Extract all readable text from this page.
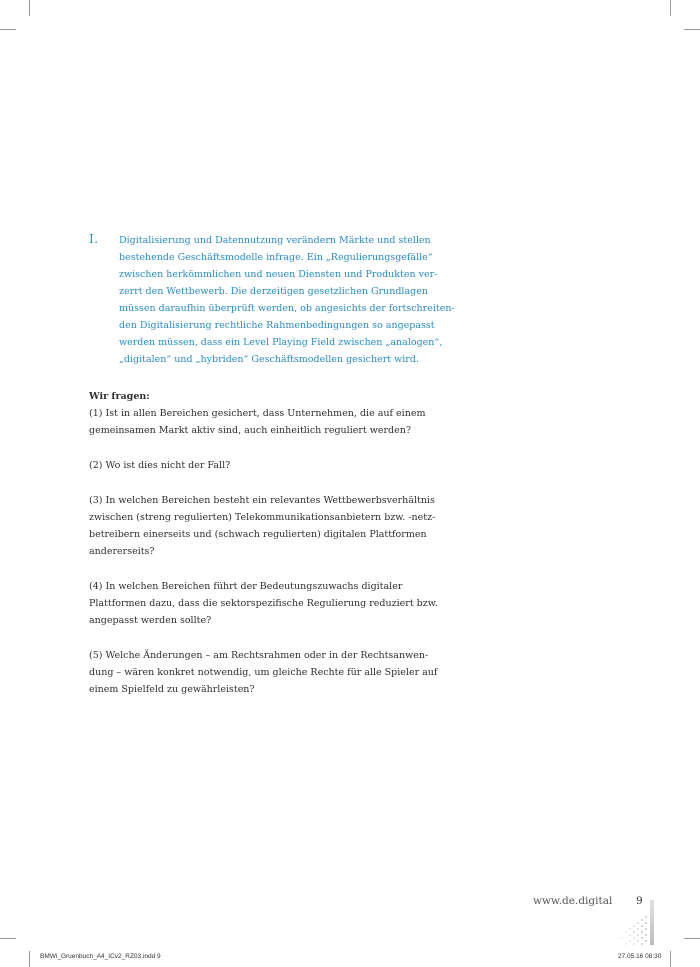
I. Digitalisierung und Datennutzung verändern Märkte und stellen

bestehende Geschäftsmodelle infrage. Ein „Regulierungsgefälle“

zwischen herkömmlichen und neuen Diensten und Produkten ver-

zerrt den Wettbewerb. Die derzeitigen gesetzlichen Grundlagen

müssen daraufhin überprüft werden, ob angesichts der fortschreiten-

den Digitalisierung rechtliche Rahmenbedingungen so angepasst

werden müssen, dass ein Level Playing Field zwischen „analogen“,

„digitalen“ und „hybriden“ Geschäftsmodellen gesichert wird.

Wir fragen:

(1) Ist in allen Bereichen gesichert, dass Unternehmen, die auf einem

gemeinsamen Markt aktiv sind, auch einheitlich reguliert werden?

(2) Wo ist dies nicht der Fall?

(3) In welchen Bereichen besteht ein relevantes Wettbewerbsverhältnis

zwischen (streng regulierten) Telekommunikationsanbietern bzw. -netz-

betreibern einerseits und (schwach regulierten) digitalen Plattformen

andererseits?

(4) In welchen Bereichen führt der Bedeutungszuwachs digitaler

Plattformen dazu, dass die sektorspezifische Regulierung reduziert bzw.

angepasst werden sollte?

(5) Welche Änderungen – am Rechtsrahmen oder in der Rechtsanwen-

dung – wären konkret notwendig, um gleiche Rechte für alle Spieler auf

einem Spielfeld zu gewährleisten?

www.de.digital 9
BMWi_Gruenbuch_A4_ICv2_RZ03.indd 9	27.05.16 08:30
